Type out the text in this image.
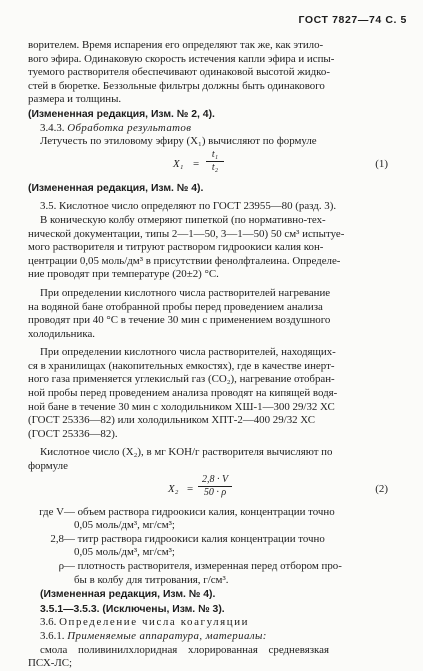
ГОСТ 7827—74 С. 5

ворителем. Время испарения его определяют так же, как этило-

вого эфира. Одинаковую скорость истечения капли эфира и испы-

туемого растворителя обеспечивают одинаковой высотой жидко-

стей в бюретке. Беззольные фильтры должны быть одинакового

размера и толщины.

(Измененная редакция, Изм. № 2, 4).

3.4.3. Обработка результатов

Летучесть по этиловому эфиру (X₁) вычисляют по формуле

$X_1 = \frac{\text{t₁}}{\text{t₂}}$	(1)

(Измененная редакция, Изм. № 4).

3.5. Кислотное число определяют по ГОСТ 23955—80 (разд. 3).

В коническую колбу отмеряют пипеткой (по нормативно-тех-

нической документации, типы 2—1—50, 3—1—50) 50 см³ испытуе-

мого растворителя и титруют раствором гидроокиси калия кон-

центрации 0,05 моль/дм³ в присутствии фенолфталеина. Определе-

ние проводят при температуре (20±2) °С.

При определении кислотного числа растворителей нагревание

на водяной бане отобранной пробы перед проведением анализа

проводят при 40 °С в течение 30 мин с применением воздушного

холодильника.

При определении кислотного числа растворителей, находящих-

ся в хранилищах (накопительных емкостях), где в качестве инерт-

ного газа применяется углекислый газ (CO₂), нагревание отобран-

ной пробы перед проведением анализа проводят на кипящей водя-

ной бане в течение 30 мин с холодильником ХШ-1—300 29/32 ХС

(ГОСТ 25336—82) или холодильником ХПТ-2—400 29/32 ХС

(ГОСТ 25336—82).

Кислотное число (X₂), в мг KOH/г растворителя вычисляют по

формуле

$X_2 = \frac{2,8 \cdot V}{50 \cdot \rho}$	(2)
где V — объем раствора гидроокиси калия, концентрации точно
0,05 моль/дм³, мг/см³;
2,8 — титр раствора гидроокиси калия концентрации точно
0,05 моль/дм³, мг/см³;
ρ — плотность растворителя, измеренная перед отбором про-
бы в колбу для титрования, г/см³.

(Измененная редакция, Изм. № 4).

3.5.1—3.5.3. (Исключены, Изм. № 3).

3.6. Определение числа коагуляции

3.6.1. Применяемые аппаратура, материалы:

смола поливинилхлоридная хлорированная средневязкая

ПСХ-ЛС;
